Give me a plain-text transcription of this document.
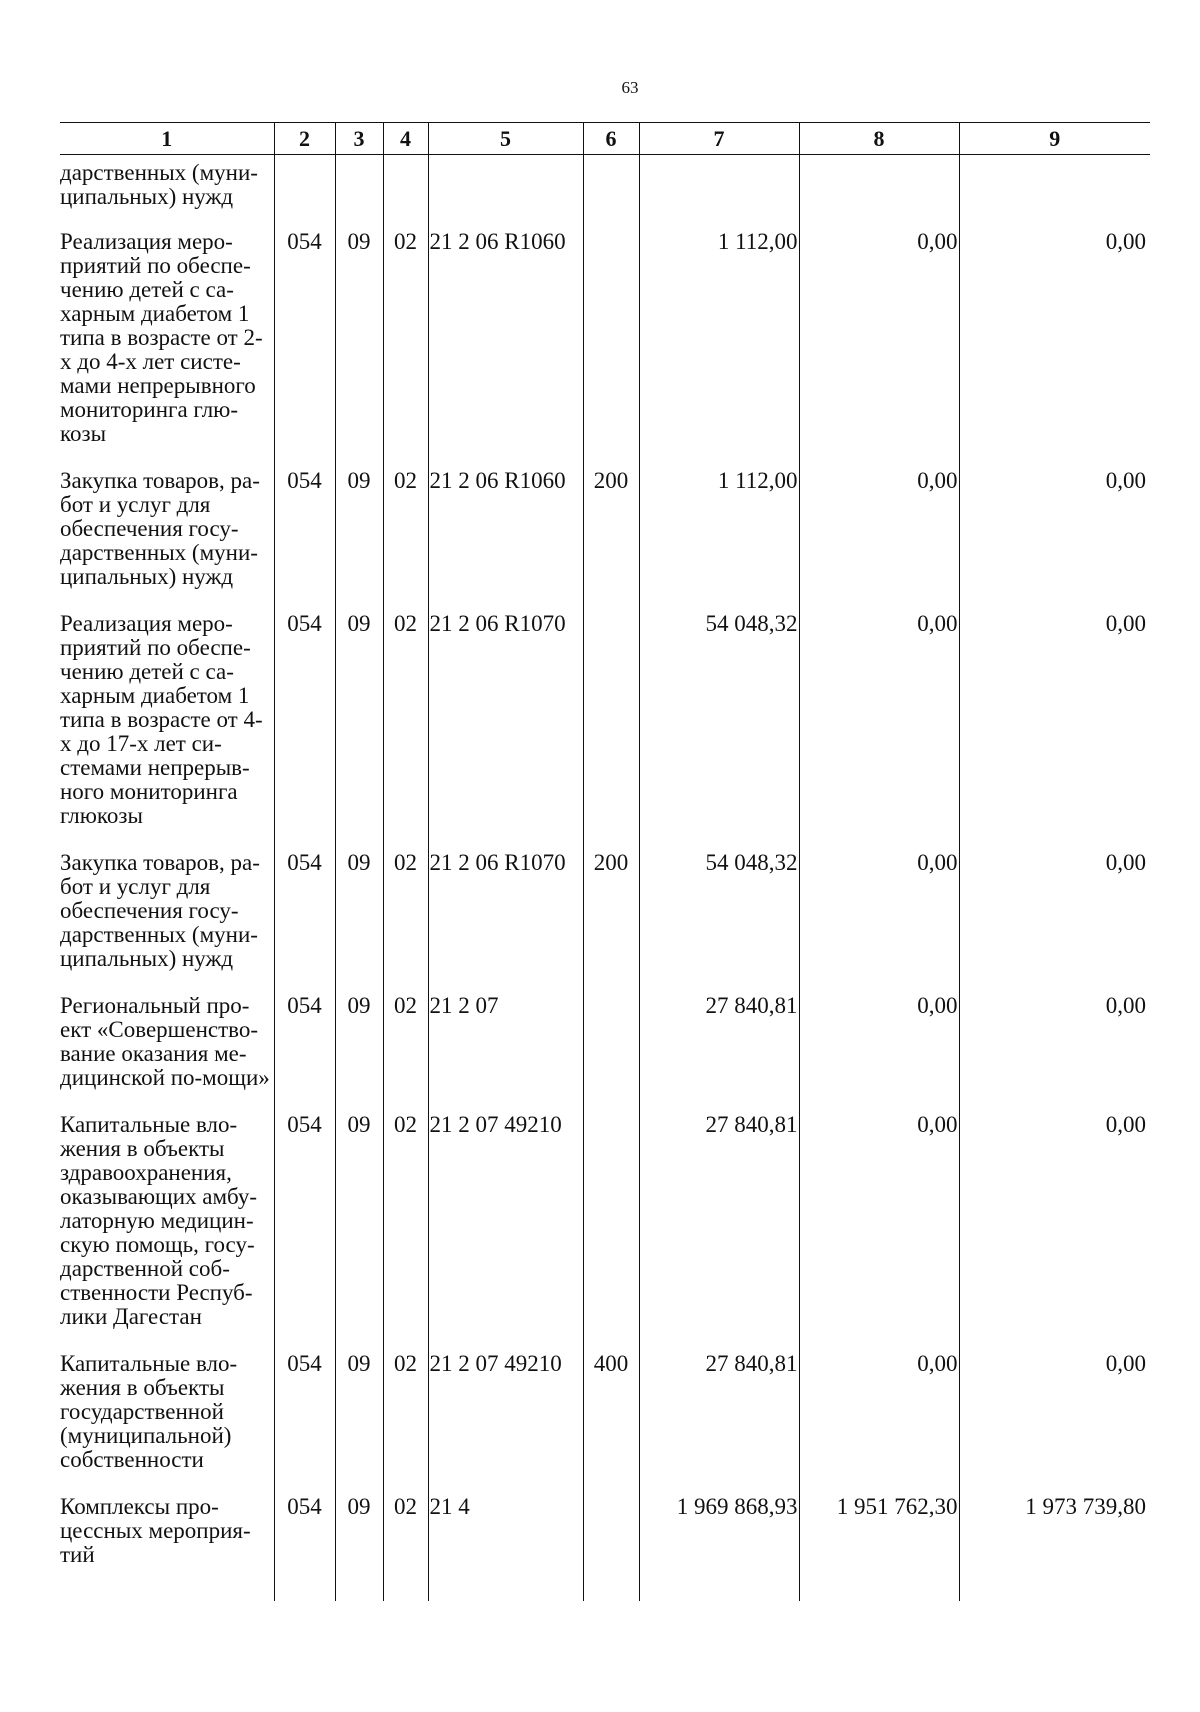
63
1	2	3	4	5	6	7	8	9
дарственных (муни-ципальных) нужд								
Реализация меро-приятий по обеспе-чению детей с са-харным диабетом 1 типа в возрасте от 2-х до 4-х лет систе-мами непрерывного мониторинга глю-козы	054	09	02	21 2 06 R1060		1 112,00	0,00	0,00
Закупка товаров, ра-бот и услуг для обеспечения госу-дарственных (муни-ципальных) нужд	054	09	02	21 2 06 R1060	200	1 112,00	0,00	0,00
Реализация меро-приятий по обеспе-чению детей с са-харным диабетом 1 типа в возрасте от 4-х до 17-х лет си-стемами непрерыв-ного мониторинга глюкозы	054	09	02	21 2 06 R1070		54 048,32	0,00	0,00
Закупка товаров, ра-бот и услуг для обеспечения госу-дарственных (муни-ципальных) нужд	054	09	02	21 2 06 R1070	200	54 048,32	0,00	0,00
Региональный про-ект «Совершенство-вание оказания ме-дицинской по-мощи»	054	09	02	21 2 07		27 840,81	0,00	0,00
Капитальные вло-жения в объекты здравоохранения, оказывающих амбу-латорную медицин-скую помощь, госу-дарственной соб-ственности Респуб-лики Дагестан	054	09	02	21 2 07 49210		27 840,81	0,00	0,00
Капитальные вло-жения в объекты государственной (муниципальной) собственности	054	09	02	21 2 07 49210	400	27 840,81	0,00	0,00
Комплексы про-цессных мероприя-тий	054	09	02	21 4		1 969 868,93	1 951 762,30	1 973 739,80
